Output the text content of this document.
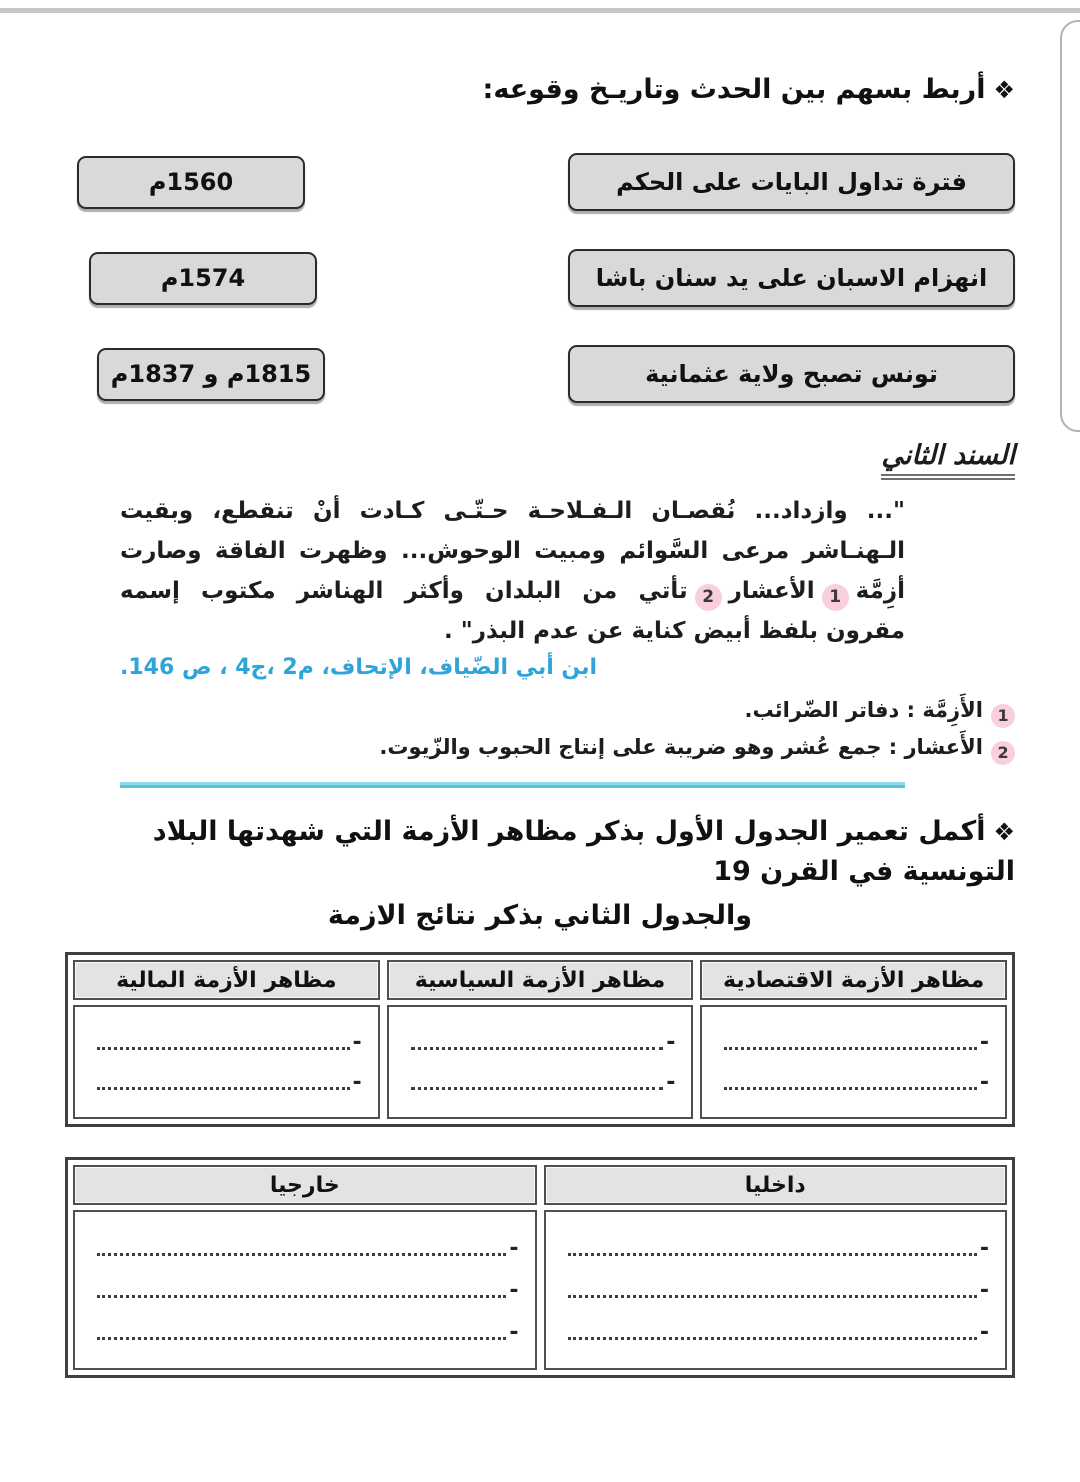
❖أربط بسهم بين الحدث وتاريـخ وقوعه:
فترة تداول البايات على الحكم
1560م
انهزام الاسبان على يد سنان باشا
1574م
تونس تصبح ولاية عثمانية
1815م و 1837م
السند الثاني
"... وازداد... نُقصـان الـفـلاحـة حـتّـى كـادت أنْ تنقطع، وبقيت الـهنـاشر مرعى السَّوائم ومبيت الوحوش... وظهرت الفاقة وصارت أزِمَّة1الأعشار2تأتي من البلدان وأكثر الهناشر مكتوب إسمه مقرون بلفظ أبيض كناية عن عدم البذر" .
ابن أبي الضّياف، الإتحاف، م2 ،ج4 ، ص 146.
1الأَزِمَّة : دفاتر الضّرائب.
2الأَعشار : جمع عُشر وهو ضريبة على إنتاج الحبوب والزّيوت.
❖أكمل تعمير الجدول الأول بذكر مظاهر الأزمة التي شهدتها البلاد التونسية في القرن 19
والجدول الثاني بذكر نتائج الازمة
مظاهر الأزمة الاقتصادية
-
-
مظاهر الأزمة السياسية
-
-
مظاهر الأزمة المالية
-
-
داخليا
-
-
-
خارجيا
-
-
-
